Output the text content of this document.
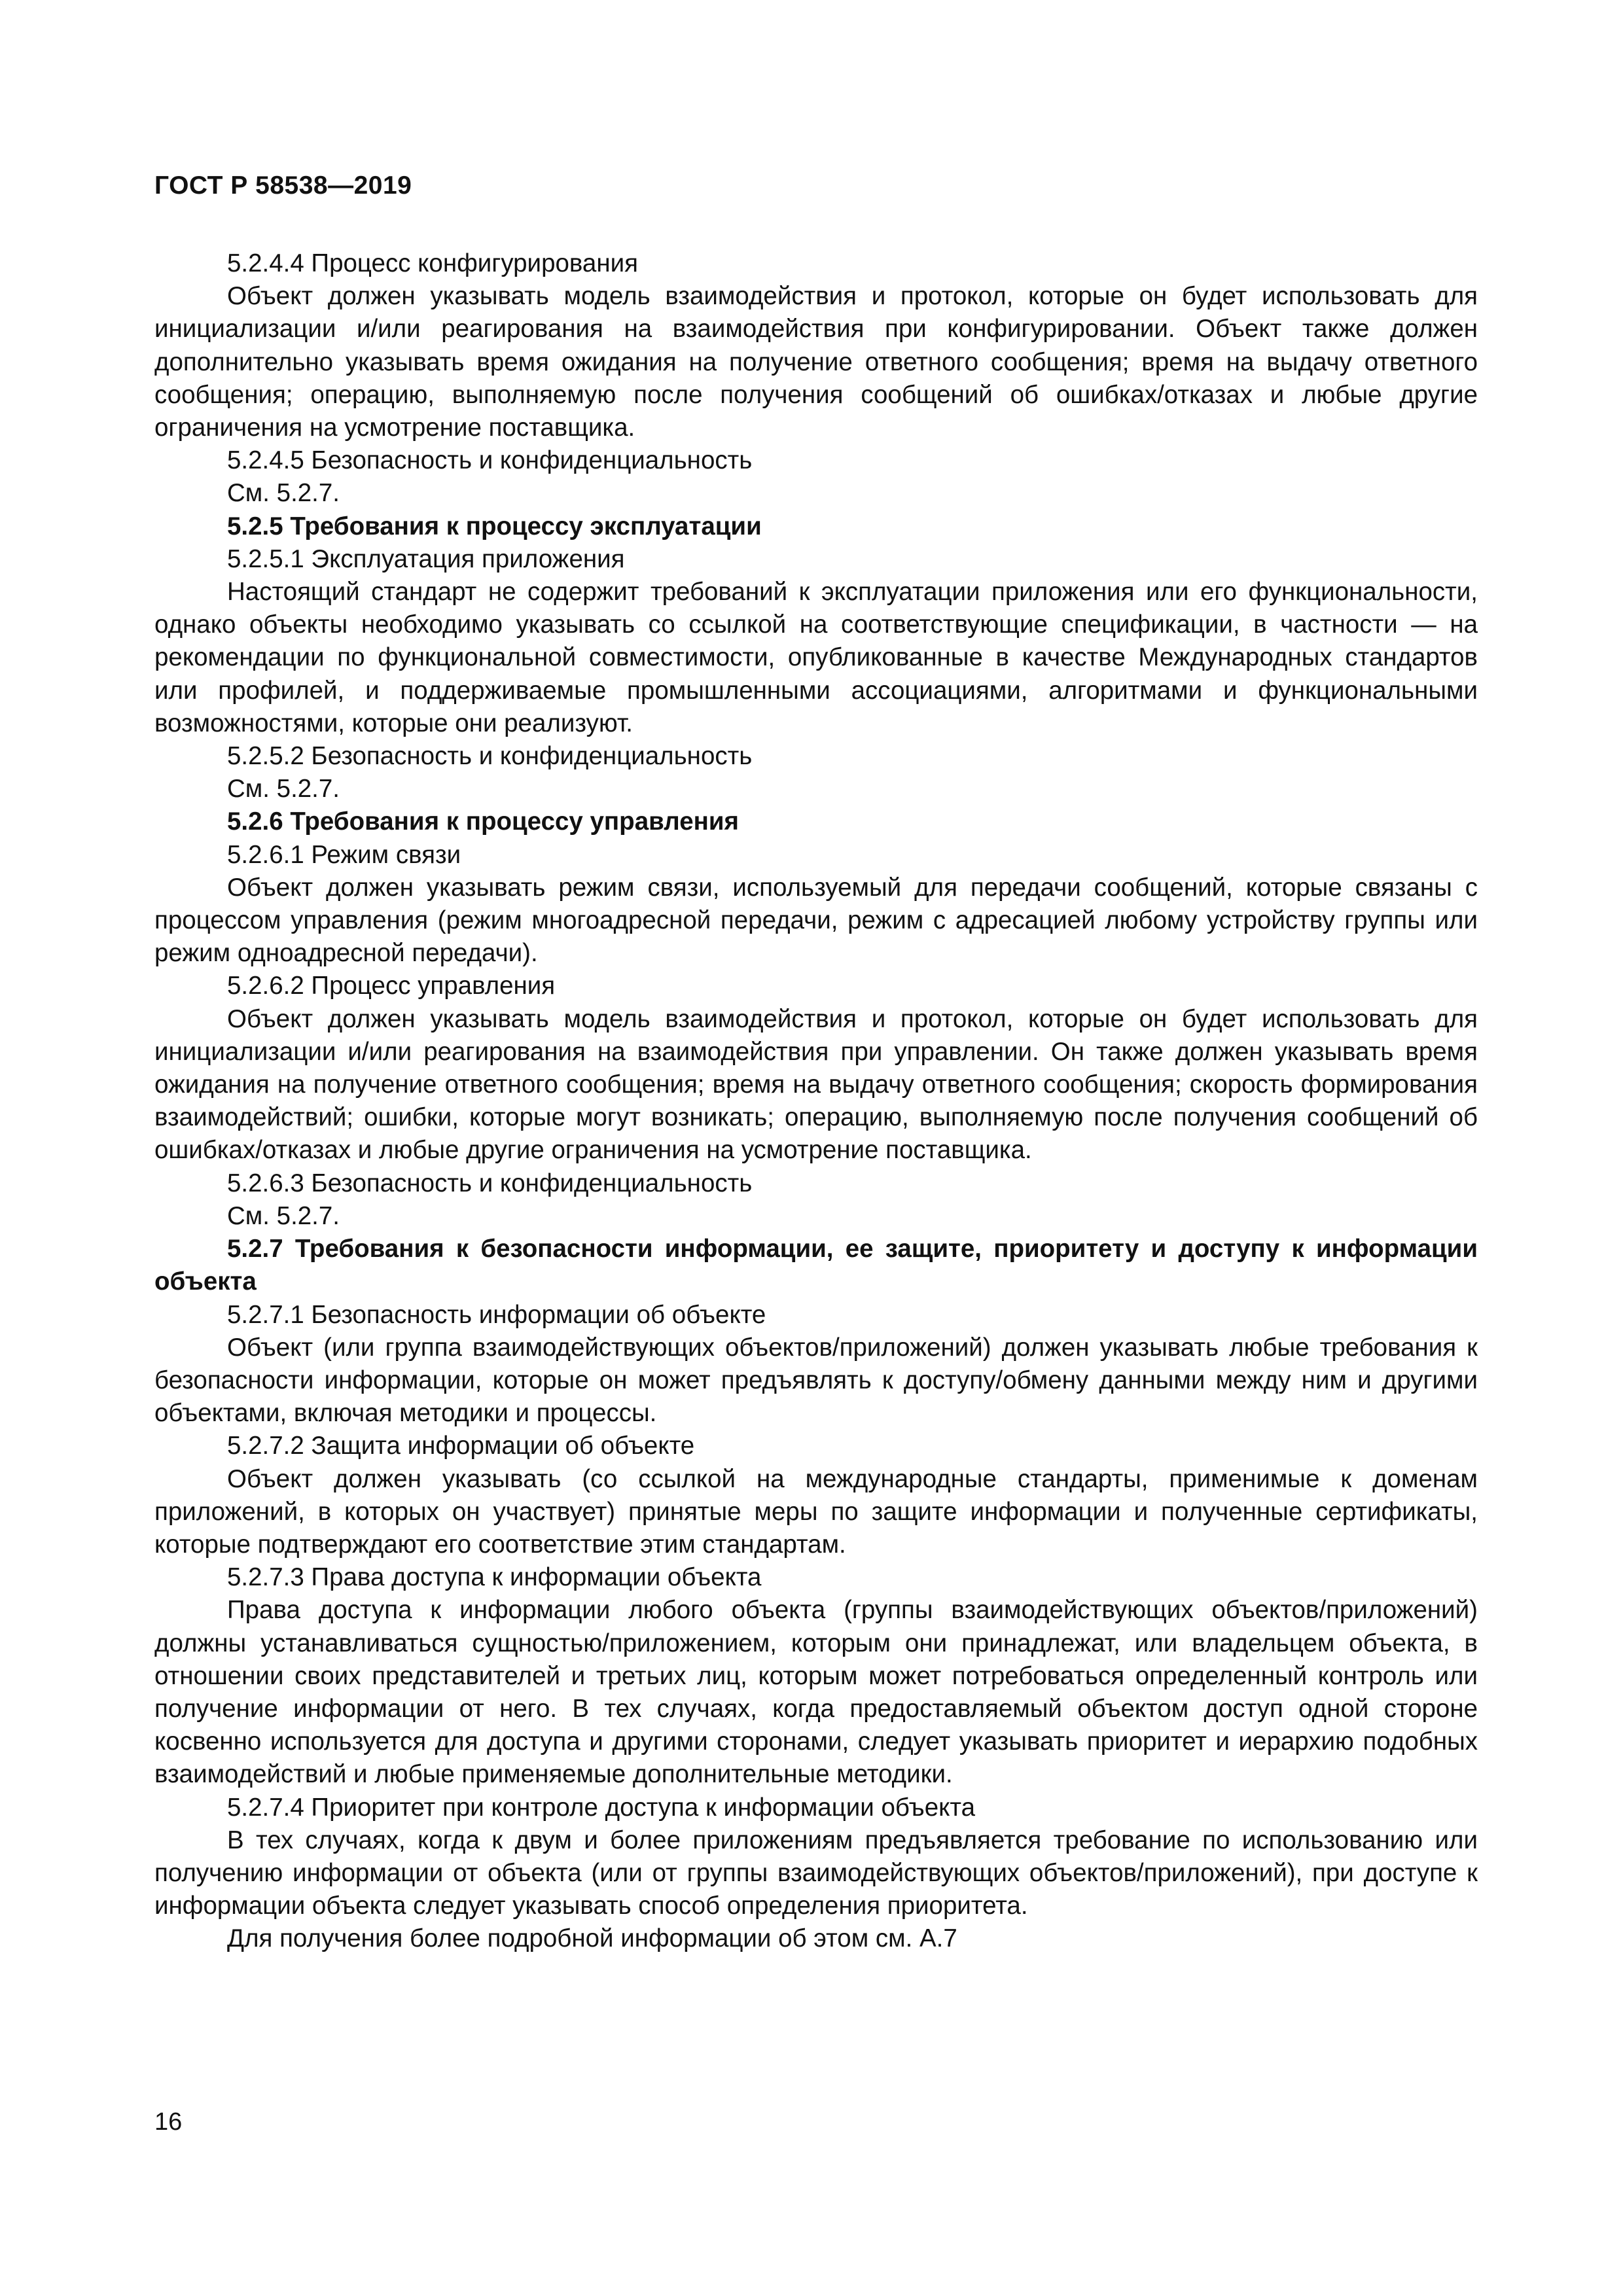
ГОСТ Р 58538—2019

5.2.4.4 Процесс конфигурирования

Объект должен указывать модель взаимодействия и протокол, которые он будет использовать для инициализации и/или реагирования на взаимодействия при конфигурировании. Объект также должен дополнительно указывать время ожидания на получение ответного сообщения; время на выдачу ответного сообщения; операцию, выполняемую после получения сообщений об ошибках/отказах и любые другие ограничения на усмотрение поставщика.

5.2.4.5 Безопасность и конфиденциальность

См. 5.2.7.

5.2.5 Требования к процессу эксплуатации

5.2.5.1 Эксплуатация приложения

Настоящий стандарт не содержит требований к эксплуатации приложения или его функциональности, однако объекты необходимо указывать со ссылкой на соответствующие спецификации, в частности — на рекомендации по функциональной совместимости, опубликованные в качестве Международных стандартов или профилей, и поддерживаемые промышленными ассоциациями, алгоритмами и функциональными возможностями, которые они реализуют.

5.2.5.2 Безопасность и конфиденциальность

См. 5.2.7.

5.2.6 Требования к процессу управления

5.2.6.1 Режим связи

Объект должен указывать режим связи, используемый для передачи сообщений, которые связаны с процессом управления (режим многоадресной передачи, режим с адресацией любому устройству группы или режим одноадресной передачи).

5.2.6.2 Процесс управления

Объект должен указывать модель взаимодействия и протокол, которые он будет использовать для инициализации и/или реагирования на взаимодействия при управлении. Он также должен указывать время ожидания на получение ответного сообщения; время на выдачу ответного сообщения; скорость формирования взаимодействий; ошибки, которые могут возникать; операцию, выполняемую после получения сообщений об ошибках/отказах и любые другие ограничения на усмотрение поставщика.

5.2.6.3 Безопасность и конфиденциальность

См. 5.2.7.

5.2.7 Требования к безопасности информации, ее защите, приоритету и доступу к информации объекта

5.2.7.1 Безопасность информации об объекте

Объект (или группа взаимодействующих объектов/приложений) должен указывать любые требования к безопасности информации, которые он может предъявлять к доступу/обмену данными между ним и другими объектами, включая методики и процессы.

5.2.7.2 Защита информации об объекте

Объект должен указывать (со ссылкой на международные стандарты, применимые к доменам приложений, в которых он участвует) принятые меры по защите информации и полученные сертификаты, которые подтверждают его соответствие этим стандартам.

5.2.7.3 Права доступа к информации объекта

Права доступа к информации любого объекта (группы взаимодействующих объектов/приложений) должны устанавливаться сущностью/приложением, которым они принадлежат, или владельцем объекта, в отношении своих представителей и третьих лиц, которым может потребоваться определенный контроль или получение информации от него. В тех случаях, когда предоставляемый объектом доступ одной стороне косвенно используется для доступа и другими сторонами, следует указывать приоритет и иерархию подобных взаимодействий и любые применяемые дополнительные методики.

5.2.7.4 Приоритет при контроле доступа к информации объекта

В тех случаях, когда к двум и более приложениям предъявляется требование по использованию или получению информации от объекта (или от группы взаимодействующих объектов/приложений), при доступе к информации объекта следует указывать способ определения приоритета.

Для получения более подробной информации об этом см. А.7

16
